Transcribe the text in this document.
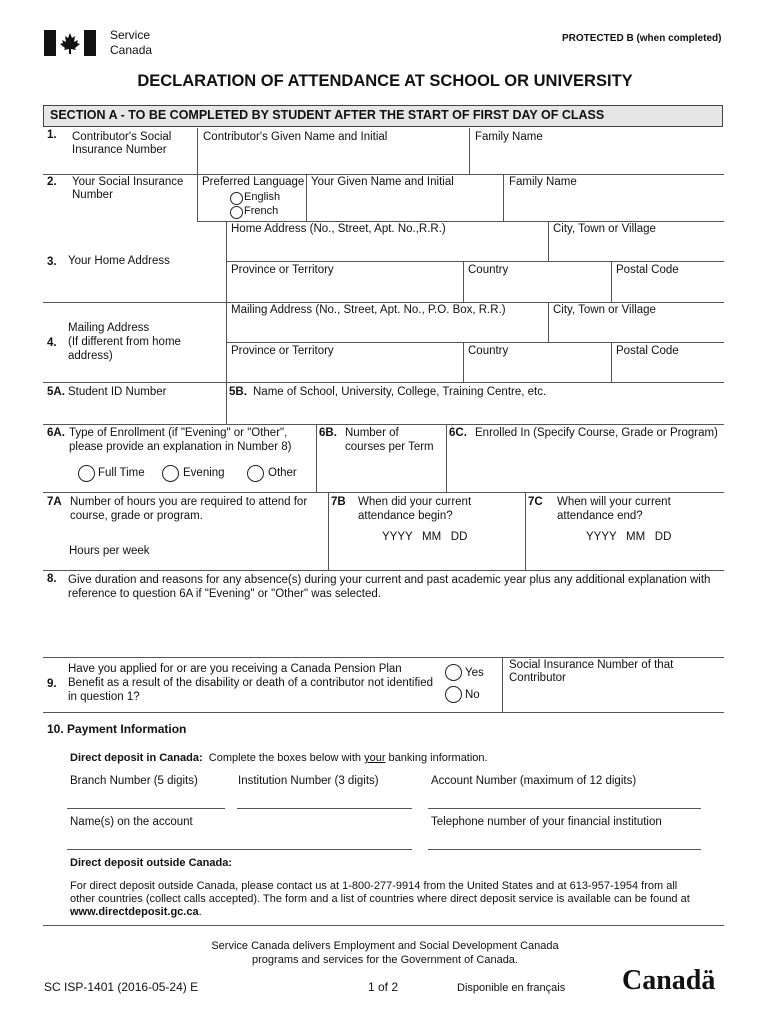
Service
Canada
PROTECTED B (when completed)
DECLARATION OF ATTENDANCE AT SCHOOL OR UNIVERSITY
SECTION A - TO BE COMPLETED BY STUDENT AFTER THE START OF FIRST DAY OF CLASS
1. Contributor's Social
Insurance Number
Contributor's Given Name and Initial	Family Name
2. Your Social Insurance
Number
Preferred Language
English
French
Your Given Name and Initial	Family Name
3. Your Home Address
Home Address (No., Street, Apt. No.,R.R.)	City, Town or Village
Province or Territory	Country	Postal Code
Mailing Address
4. (If different from home
address)
Mailing Address (No., Street, Apt. No., P.O. Box, R.R.)	City, Town or Village
Province or Territory	Country	Postal Code
5A. Student ID Number	5B. Name of School, University, College, Training Centre, etc.
6A. Type of Enrollment (if "Evening" or "Other",
please provide an explanation in Number 8)
Full Time	Evening	Other
6B. Number of
courses per Term
6C. Enrolled In (Specify Course, Grade or Program)
7A Number of hours you are required to attend for
course, grade or program.
Hours per week
7B When did your current
attendance begin?
YYYY   MM   DD
7C When will your current
attendance end?
YYYY   MM   DD
8. Give duration and reasons for any absence(s) during your current and past academic year plus any additional explanation with
reference to question 6A if "Evening" or "Other" was selected.
Have you applied for or are you receiving a Canada Pension Plan
9. Benefit as a result of the disability or death of a contributor not identified
in question 1?
Yes
No
Social Insurance Number of that
Contributor
10. Payment Information
Direct deposit in Canada: Complete the boxes below with your banking information.
Branch Number (5 digits)	Institution Number (3 digits)	Account Number (maximum of 12 digits)
Name(s) on the account	Telephone number of your financial institution
Direct deposit outside Canada:
For direct deposit outside Canada, please contact us at 1-800-277-9914 from the United States and at 613-957-1954 from all
other countries (collect calls accepted). The form and a list of countries where direct deposit service is available can be found at
www.directdeposit.gc.ca.
Service Canada delivers Employment and Social Development Canada
programs and services for the Government of Canada.
SC ISP-1401 (2016-05-24) E	1 of 2	Disponible en français Canadä
